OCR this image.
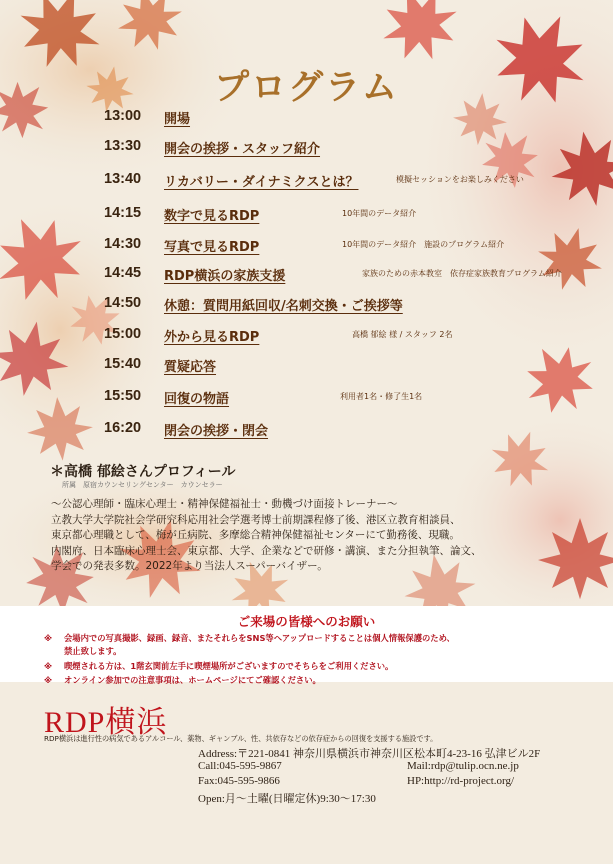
プログラム
13:00	開場
13:30	開会の挨拶・スタッフ紹介
13:40	リカバリー・ダイナミクスとは？	模擬セッションをお楽しみください
14:15	数字で見るRDP	10年間のデータ紹介
14:30	写真で見るRDP	10年間のデータ紹介　施設のプログラム紹介
14:45	RDP横浜の家族支援	家族のための赤本教室　依存症家族教育プログラム紹介
14:50	休憩：質問用紙回収/名刺交換・ご挨拶等
15:00	外から見るRDP	高橋 郁絵 様 / スタッフ 2名
15:40	質疑応答
15:50	回復の物語	利用者1名・修了生1名
16:20	閉会の挨拶・閉会
＊高橋 郁絵さんプロフィール
所属　原宿カウンセリングセンター　カウンセラー
～公認心理師・臨床心理士・精神保健福祉士・動機づけ面接トレーナー～
立教大学大学院社会学研究科応用社会学選考博士前期課程修了後、港区立教育相談員、
東京都心理職として、梅が丘病院、多摩総合精神保健福祉センターにて勤務後、現職。
内閣府、日本臨床心理士会、東京都、大学、企業などで研修・講演、また分担執筆、論文、
学会での発表多数。2022年より当法人スーパーバイザー。
ご来場の皆様へのお願い
※ 会場内での写真撮影、録画、録音、またそれらをSNS等へアップロードすることは個人情報保護のため、
禁止致します。
※ 喫煙される方は、1階玄関前左手に喫煙場所がございますのでそちらをご利用ください。
※ オンライン参加での注意事項は、ホームページにてご確認ください。
RDP横浜
RDP横浜は進行性の病気であるアルコール、薬物、ギャンブル、性、共依存などの依存症からの回復を支援する施設です。
Address:〒221-0841 神奈川県横浜市神奈川区松本町4-23-16 弘津ビル2F
Call:045-595-9867	Mail:rdp@tulip.ocn.ne.jp
Fax:045-595-9866	HP:http://rd-project.org/
Open:月～土曜(日曜定休)9:30～17:30
